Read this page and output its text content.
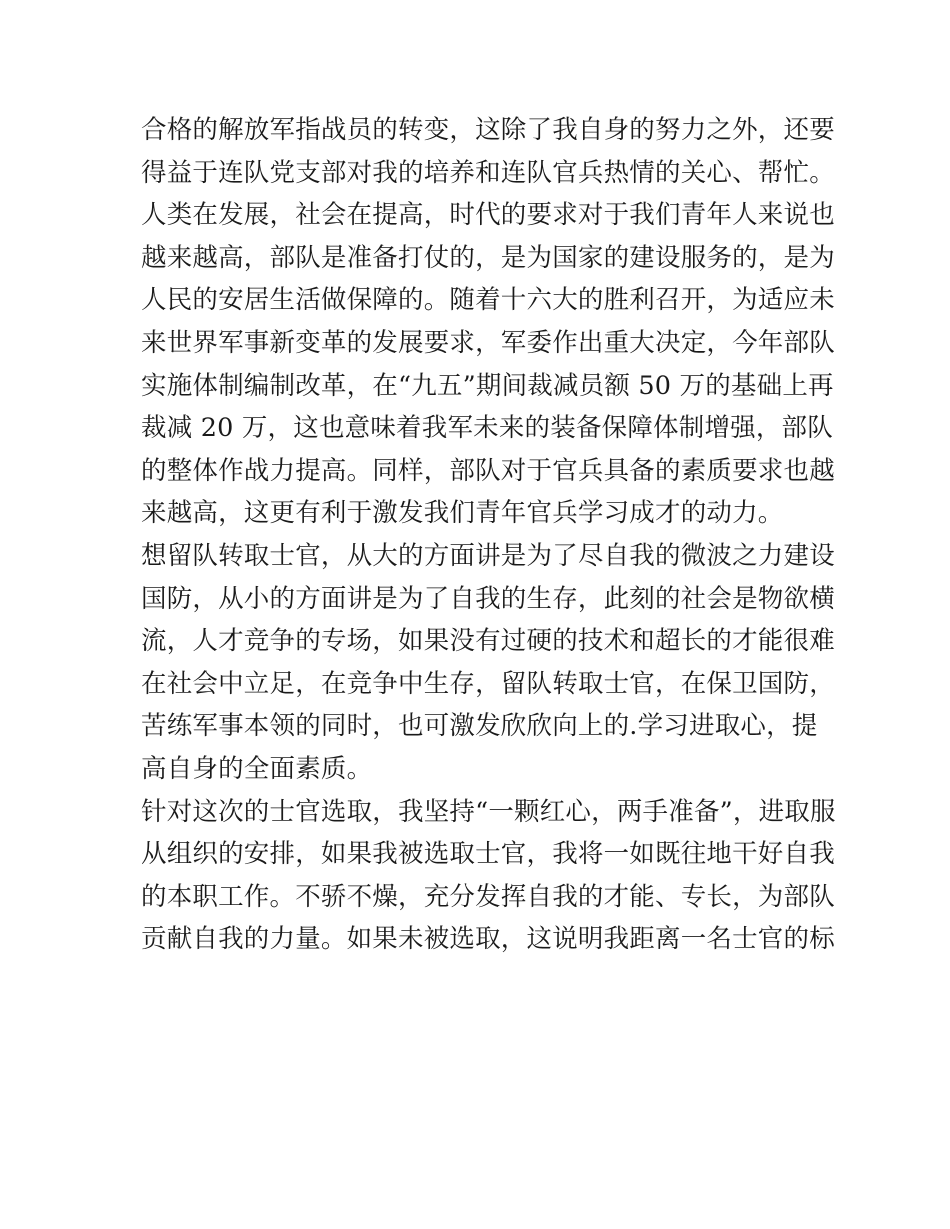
合格的解放军指战员的转变，这除了我自身的努力之外，还要
得益于连队党支部对我的培养和连队官兵热情的关心、帮忙。
人类在发展，社会在提高，时代的要求对于我们青年人来说也
越来越高，部队是准备打仗的，是为国家的建设服务的，是为
人民的安居生活做保障的。随着十六大的胜利召开，为适应未
来世界军事新变革的发展要求，军委作出重大决定，今年部队
实施体制编制改革，在“九五”期间裁减员额 50 万的基础上再
裁减 20 万，这也意味着我军未来的装备保障体制增强，部队
的整体作战力提高。同样，部队对于官兵具备的素质要求也越
来越高，这更有利于激发我们青年官兵学习成才的动力。
想留队转取士官，从大的方面讲是为了尽自我的微波之力建设
国防，从小的方面讲是为了自我的生存，此刻的社会是物欲横
流，人才竞争的专场，如果没有过硬的技术和超长的才能很难
在社会中立足，在竞争中生存，留队转取士官，在保卫国防，
苦练军事本领的同时，也可激发欣欣向上的.学习进取心，提
高自身的全面素质。
针对这次的士官选取，我坚持“一颗红心，两手准备”，进取服
从组织的安排，如果我被选取士官，我将一如既往地干好自我
的本职工作。不骄不燥，充分发挥自我的才能、专长，为部队
贡献自我的力量。如果未被选取，这说明我距离一名士官的标
